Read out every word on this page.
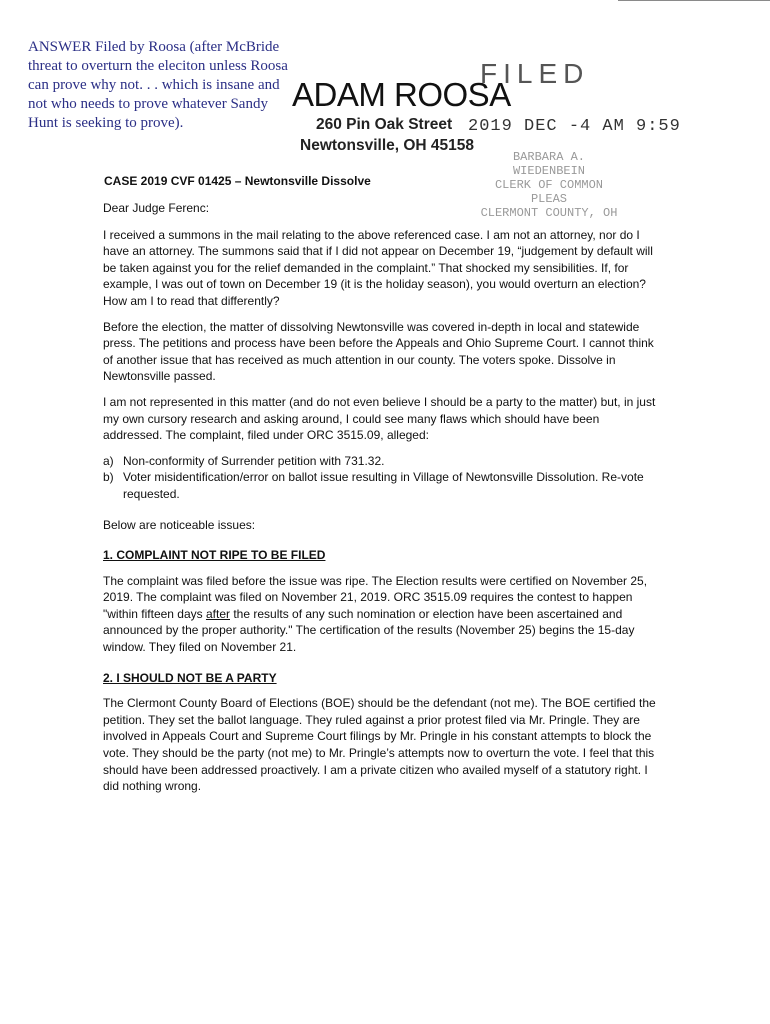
ANSWER Filed by Roosa (after McBride threat to overturn the eleciton unless Roosa can prove why not. . . which is insane and not who needs to prove whatever Sandy Hunt is seeking to prove).
FILED
ADAM ROOSA
260 Pin Oak Street
Newtonsville, OH 45158
2019 DEC -4 AM 9:59
BARBARA A. WIEDENBEIN
CLERK OF COMMON PLEAS
CLERMONT COUNTY, OH
CASE 2019 CVF 01425 – Newtonsville Dissolve

Dear Judge Ferenc:

I received a summons in the mail relating to the above referenced case. I am not an attorney, nor do I have an attorney. The summons said that if I did not appear on December 19, “judgement by default will be taken against you for the relief demanded in the complaint.” That shocked my sensibilities. If, for example, I was out of town on December 19 (it is the holiday season), you would overturn an election? How am I to read that differently?

Before the election, the matter of dissolving Newtonsville was covered in-depth in local and statewide press. The petitions and process have been before the Appeals and Ohio Supreme Court. I cannot think of another issue that has received as much attention in our county. The voters spoke. Dissolve in Newtonsville passed.

I am not represented in this matter (and do not even believe I should be a party to the matter) but, in just my own cursory research and asking around, I could see many flaws which should have been addressed. The complaint, filed under ORC 3515.09, alleged:

a) Non-conformity of Surrender petition with 731.32.
b) Voter misidentification/error on ballot issue resulting in Village of Newtonsville Dissolution. Re-vote requested.

Below are noticeable issues:

1. COMPLAINT NOT RIPE TO BE FILED

The complaint was filed before the issue was ripe. The Election results were certified on November 25, 2019. The complaint was filed on November 21, 2019. ORC 3515.09 requires the contest to happen "within fifteen days after the results of any such nomination or election have been ascertained and announced by the proper authority." The certification of the results (November 25) begins the 15-day window. They filed on November 21.

2. I SHOULD NOT BE A PARTY

The Clermont County Board of Elections (BOE) should be the defendant (not me). The BOE certified the petition. They set the ballot language. They ruled against a prior protest filed via Mr. Pringle. They are involved in Appeals Court and Supreme Court filings by Mr. Pringle in his constant attempts to block the vote. They should be the party (not me) to Mr. Pringle’s attempts now to overturn the vote. I feel that this should have been addressed proactively. I am a private citizen who availed myself of a statutory right. I did nothing wrong.
